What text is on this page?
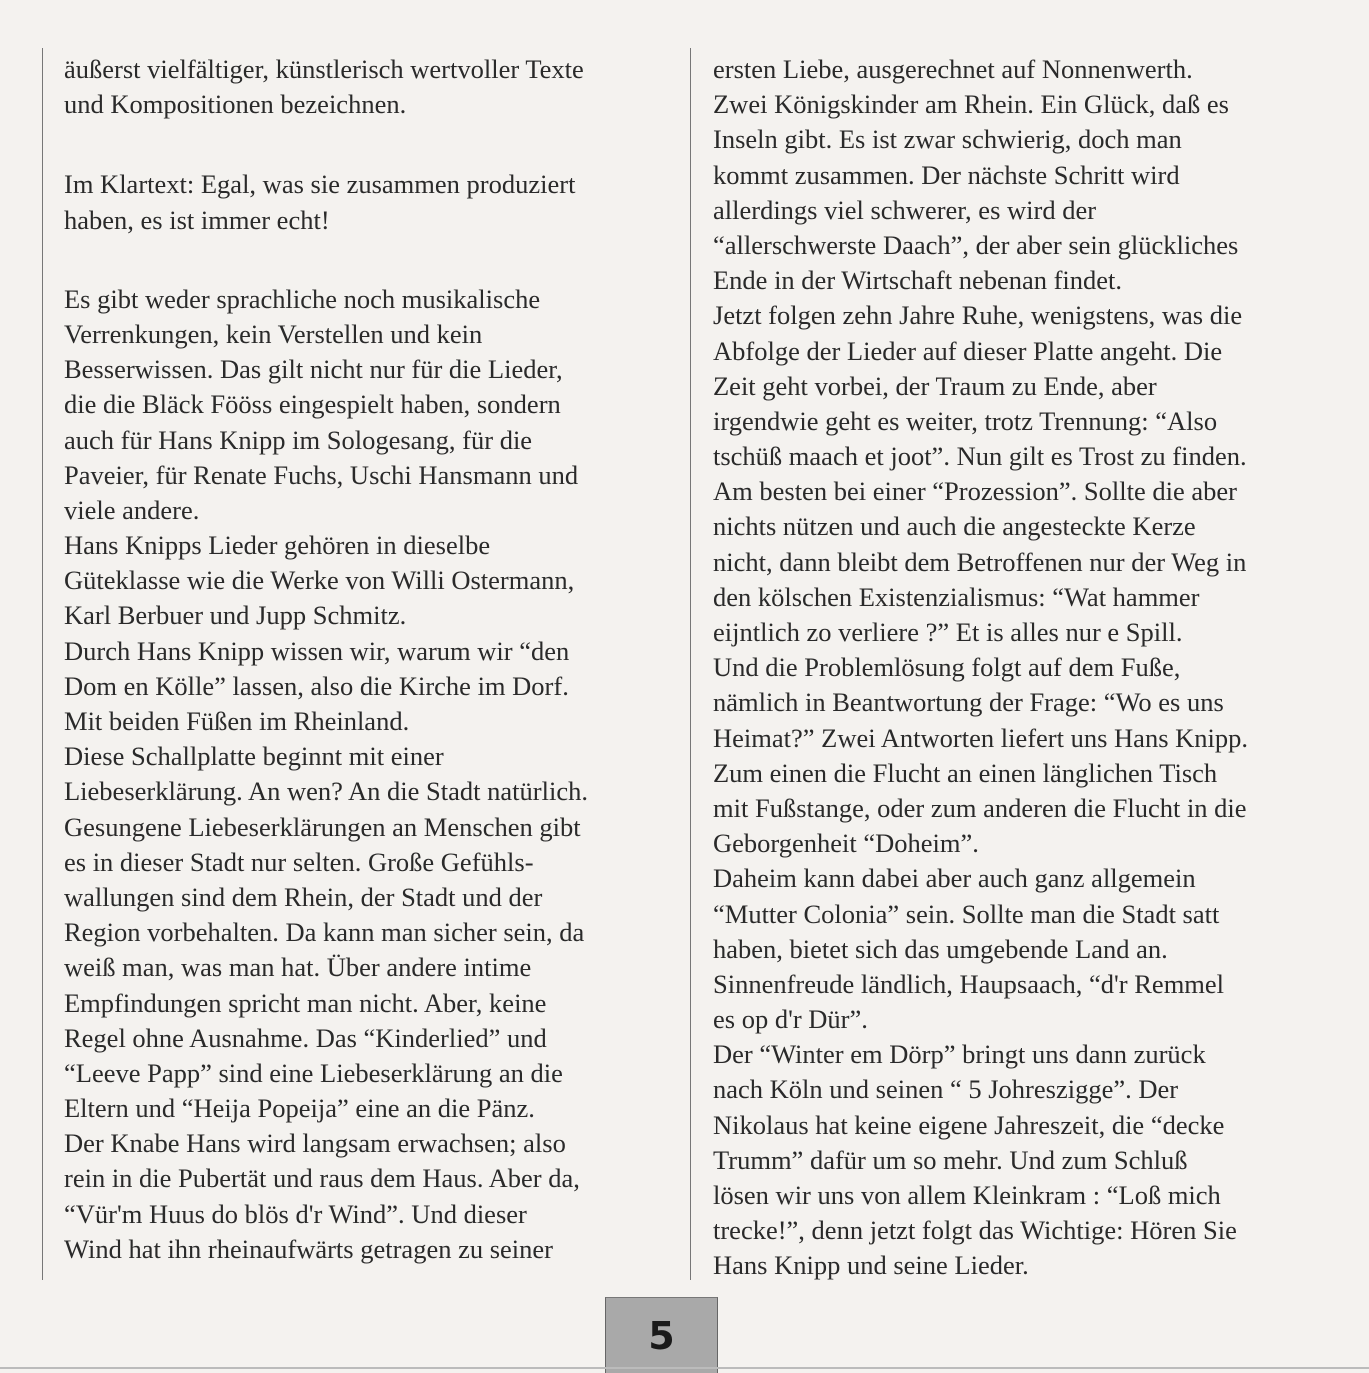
äußerst vielfältiger, künstlerisch wertvoller Texte
und Kompositionen bezeichnen.
Im Klartext: Egal, was sie zusammen produziert
haben, es ist immer echt!
Es gibt weder sprachliche noch musikalische
Verrenkungen, kein Verstellen und kein
Besserwissen. Das gilt nicht nur für die Lieder,
die die Bläck Fööss eingespielt haben, sondern
auch für Hans Knipp im Sologesang, für die
Paveier, für Renate Fuchs, Uschi Hansmann und
viele andere.
Hans Knipps Lieder gehören in dieselbe
Güteklasse wie die Werke von Willi Ostermann,
Karl Berbuer und Jupp Schmitz.
Durch Hans Knipp wissen wir, warum wir “den
Dom en Kölle” lassen, also die Kirche im Dorf.
Mit beiden Füßen im Rheinland.
Diese Schallplatte beginnt mit einer
Liebeserklärung. An wen? An die Stadt natürlich.
Gesungene Liebeserklärungen an Menschen gibt
es in dieser Stadt nur selten. Große Gefühls-
wallungen sind dem Rhein, der Stadt und der
Region vorbehalten. Da kann man sicher sein, da
weiß man, was man hat. Über andere intime
Empfindungen spricht man nicht. Aber, keine
Regel ohne Ausnahme. Das “Kinderlied” und
“Leeve Papp” sind eine Liebeserklärung an die
Eltern und “Heija Popeija” eine an die Pänz.
Der Knabe Hans wird langsam erwachsen; also
rein in die Pubertät und raus dem Haus. Aber da,
“Vür'm Huus do blös d'r Wind”. Und dieser
Wind hat ihn rheinaufwärts getragen zu seiner
ersten Liebe, ausgerechnet auf Nonnenwerth.
Zwei Königskinder am Rhein. Ein Glück, daß es
Inseln gibt. Es ist zwar schwierig, doch man
kommt zusammen. Der nächste Schritt wird
allerdings viel schwerer, es wird der
“allerschwerste Daach”, der aber sein glückliches
Ende in der Wirtschaft nebenan findet.
Jetzt folgen zehn Jahre Ruhe, wenigstens, was die
Abfolge der Lieder auf dieser Platte angeht. Die
Zeit geht vorbei, der Traum zu Ende, aber
irgendwie geht es weiter, trotz Trennung: “Also
tschüß maach et joot”. Nun gilt es Trost zu finden.
Am besten bei einer “Prozession”. Sollte die aber
nichts nützen und auch die angesteckte Kerze
nicht, dann bleibt dem Betroffenen nur der Weg in
den kölschen Existenzialismus: “Wat hammer
eijntlich zo verliere ?” Et is alles nur e Spill.
Und die Problemlösung folgt auf dem Fuße,
nämlich in Beantwortung der Frage: “Wo es uns
Heimat?” Zwei Antworten liefert uns Hans Knipp.
Zum einen die Flucht an einen länglichen Tisch
mit Fußstange, oder zum anderen die Flucht in die
Geborgenheit “Doheim”.
Daheim kann dabei aber auch ganz allgemein
“Mutter Colonia” sein. Sollte man die Stadt satt
haben, bietet sich das umgebende Land an.
Sinnenfreude ländlich, Haupsaach, “d'r Remmel
es op d'r Dür”.
Der “Winter em Dörp” bringt uns dann zurück
nach Köln und seinen “ 5 Johreszigge”. Der
Nikolaus hat keine eigene Jahreszeit, die “decke
Trumm” dafür um so mehr. Und zum Schluß
lösen wir uns von allem Kleinkram : “Loß mich
trecke!”, denn jetzt folgt das Wichtige: Hören Sie
Hans Knipp und seine Lieder.
5
